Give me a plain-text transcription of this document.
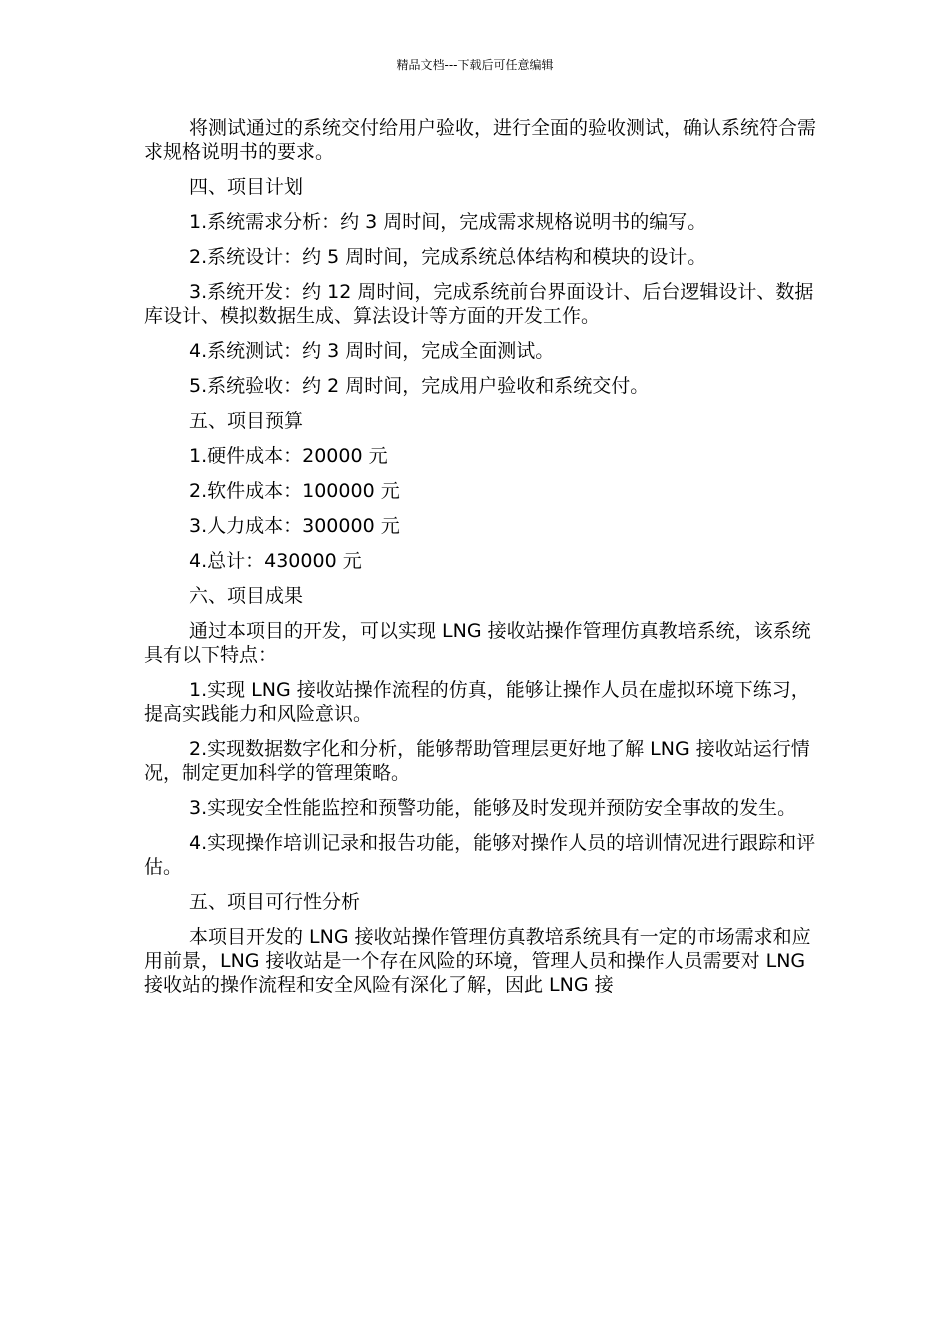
精品文档---下载后可任意编辑

将测试通过的系统交付给用户验收，进行全面的验收测试，确认系统符合需求规格说明书的要求。

四、项目计划

1.系统需求分析：约 3 周时间，完成需求规格说明书的编写。

2.系统设计：约 5 周时间，完成系统总体结构和模块的设计。

3.系统开发：约 12 周时间，完成系统前台界面设计、后台逻辑设计、数据库设计、模拟数据生成、算法设计等方面的开发工作。

4.系统测试：约 3 周时间，完成全面测试。

5.系统验收：约 2 周时间，完成用户验收和系统交付。

五、项目预算

1.硬件成本：20000 元

2.软件成本：100000 元

3.人力成本：300000 元

4.总计：430000 元

六、项目成果

通过本项目的开发，可以实现 LNG 接收站操作管理仿真教培系统，该系统具有以下特点：

1.实现 LNG 接收站操作流程的仿真，能够让操作人员在虚拟环境下练习，提高实践能力和风险意识。

2.实现数据数字化和分析，能够帮助管理层更好地了解 LNG 接收站运行情况，制定更加科学的管理策略。

3.实现安全性能监控和预警功能，能够及时发现并预防安全事故的发生。

4.实现操作培训记录和报告功能，能够对操作人员的培训情况进行跟踪和评估。

五、项目可行性分析

本项目开发的 LNG 接收站操作管理仿真教培系统具有一定的市场需求和应用前景，LNG 接收站是一个存在风险的环境，管理人员和操作人员需要对 LNG 接收站的操作流程和安全风险有深化了解，因此 LNG 接
